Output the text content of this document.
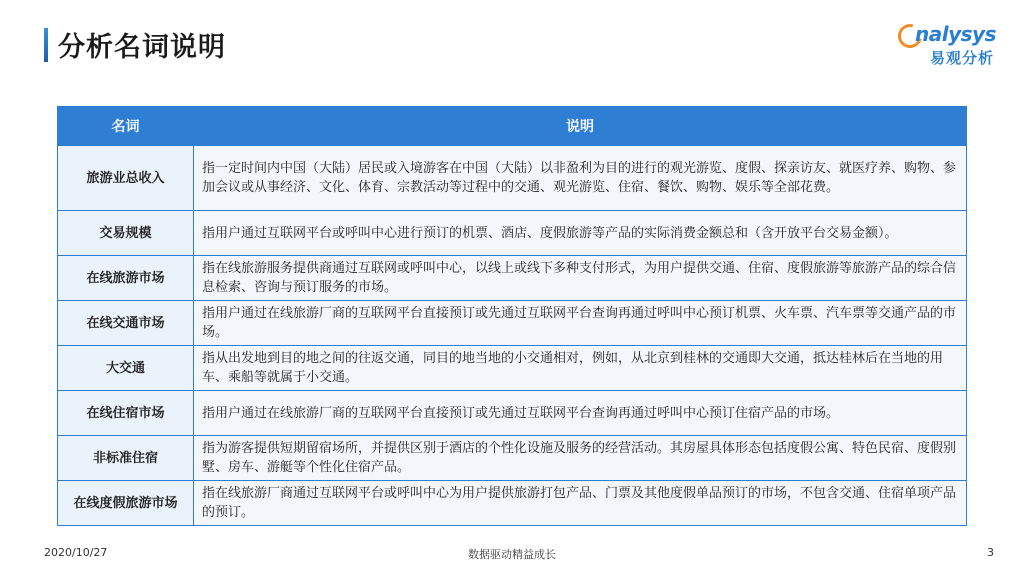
分析名词说明	nalysys
易观分析
名词	说明
旅游业总收入	指一定时间内中国（大陆）居民或入境游客在中国（大陆）以非盈利为目的进行的观光游览、度假、探亲访友、就医疗养、购物、参加会议或从事经济、文化、体育、宗教活动等过程中的交通、观光游览、住宿、餐饮、购物、娱乐等全部花费。
交易规模	指用户通过互联网平台或呼叫中心进行预订的机票、酒店、度假旅游等产品的实际消费金额总和（含开放平台交易金额）。
在线旅游市场	指在线旅游服务提供商通过互联网或呼叫中心，以线上或线下多种支付形式，为用户提供交通、住宿、度假旅游等旅游产品的综合信息检索、咨询与预订服务的市场。
在线交通市场	指用户通过在线旅游厂商的互联网平台直接预订或先通过互联网平台查询再通过呼叫中心预订机票、火车票、汽车票等交通产品的市场。
大交通	指从出发地到目的地之间的往返交通，同目的地当地的小交通相对，例如，从北京到桂林的交通即大交通，抵达桂林后在当地的用车、乘船等就属于小交通。
在线住宿市场	指用户通过在线旅游厂商的互联网平台直接预订或先通过互联网平台查询再通过呼叫中心预订住宿产品的市场。
非标准住宿	指为游客提供短期留宿场所，并提供区别于酒店的个性化设施及服务的经营活动。其房屋具体形态包括度假公寓、特色民宿、度假别墅、房车、游艇等个性化住宿产品。
在线度假旅游市场	指在线旅游厂商通过互联网平台或呼叫中心为用户提供旅游打包产品、门票及其他度假单品预订的市场，不包含交通、住宿单项产品的预订。
2020/10/27	数据驱动精益成长	3
